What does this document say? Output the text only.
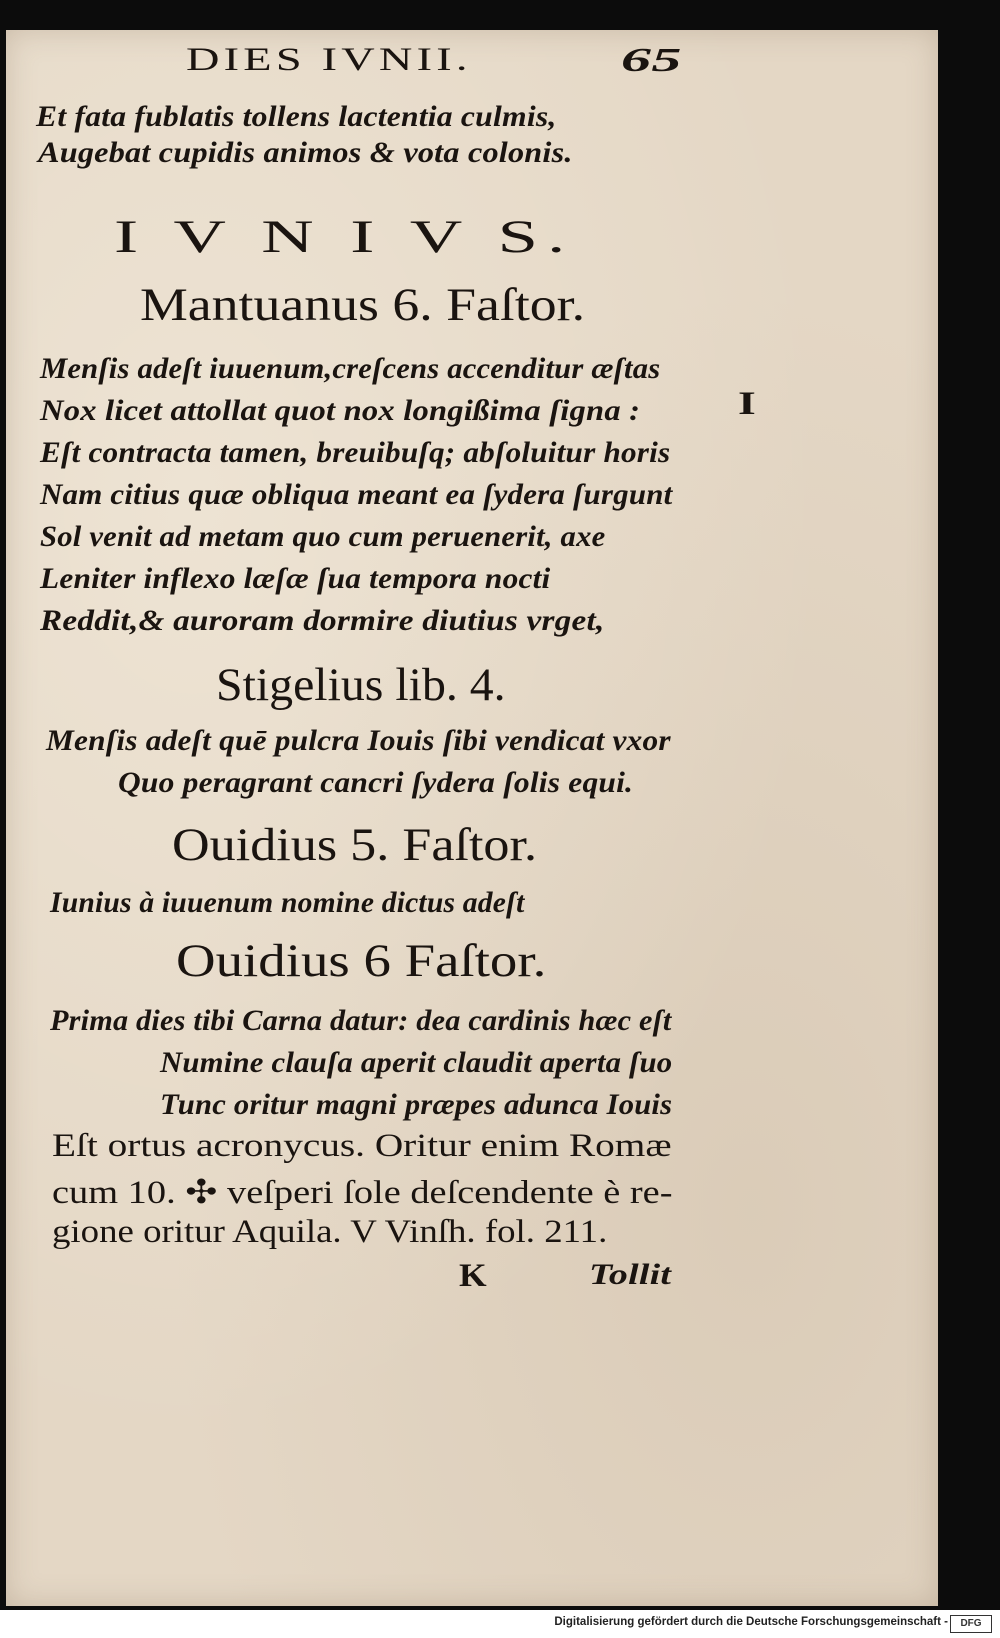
DIES IVNII.	65
Et fata fublatis tollens lactentia culmis,
Augebat cupidis animos & vota colonis.
I V N I V S.
Mantuanus 6. Faſtor.
Menſis adeſt iuuenum,creſcens accenditur æſtas
Nox licet attollat quot nox longißima ſigna :	I
Eſt contracta tamen, breuibuſq; abſoluitur horis
Nam citius quæ obliqua meant ea ſydera ſurgunt
Sol venit ad metam quo cum peruenerit, axe
Leniter inflexo læſæ ſua tempora nocti
Reddit,& auroram dormire diutius vrget,
Stigelius lib. 4.
Menſis adeſt quē pulcra Iouis ſibi vendicat vxor
Quo peragrant cancri ſydera ſolis equi.
Ouidius 5. Faſtor.
Iunius à iuuenum nomine dictus adeſt
Ouidius 6 Faſtor.
Prima dies tibi Carna datur: dea cardinis hæc eſt
Numine clauſa aperit claudit aperta ſuo
Tunc oritur magni præpes adunca Iouis
Eſt ortus acronycus. Oritur enim Romæ
cum 10. ✣ veſperi ſole deſcendente è re-
gione oritur Aquila. V Vinſh. fol. 211.
K	Tollit
Digitalisierung gefördert durch die Deutsche Forschungsgemeinschaft -	DFG
